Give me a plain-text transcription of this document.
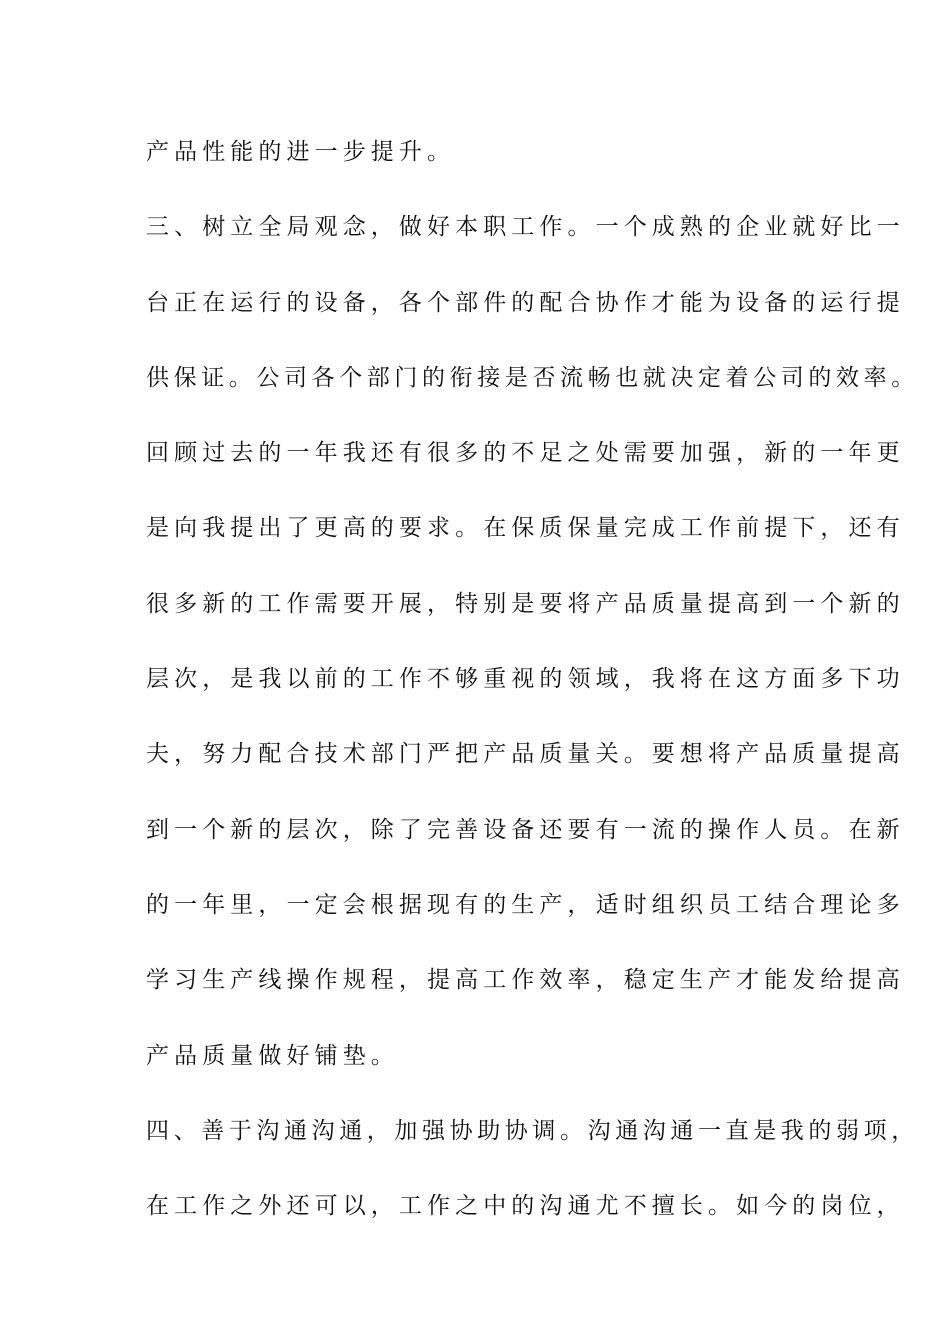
产品性能的进一步提升。
三、树立全局观念，做好本职工作。一个成熟的企业就好比一
台正在运行的设备，各个部件的配合协作才能为设备的运行提
供保证。公司各个部门的衔接是否流畅也就决定着公司的效率。
回顾过去的一年我还有很多的不足之处需要加强，新的一年更
是向我提出了更高的要求。在保质保量完成工作前提下，还有
很多新的工作需要开展，特别是要将产品质量提高到一个新的
层次，是我以前的工作不够重视的领域，我将在这方面多下功
夫，努力配合技术部门严把产品质量关。要想将产品质量提高
到一个新的层次，除了完善设备还要有一流的操作人员。在新
的一年里，一定会根据现有的生产，适时组织员工结合理论多
学习生产线操作规程，提高工作效率，稳定生产才能发给提高
产品质量做好铺垫。
四、善于沟通沟通，加强协助协调。沟通沟通一直是我的弱项，
在工作之外还可以，工作之中的沟通尤不擅长。如今的岗位，
